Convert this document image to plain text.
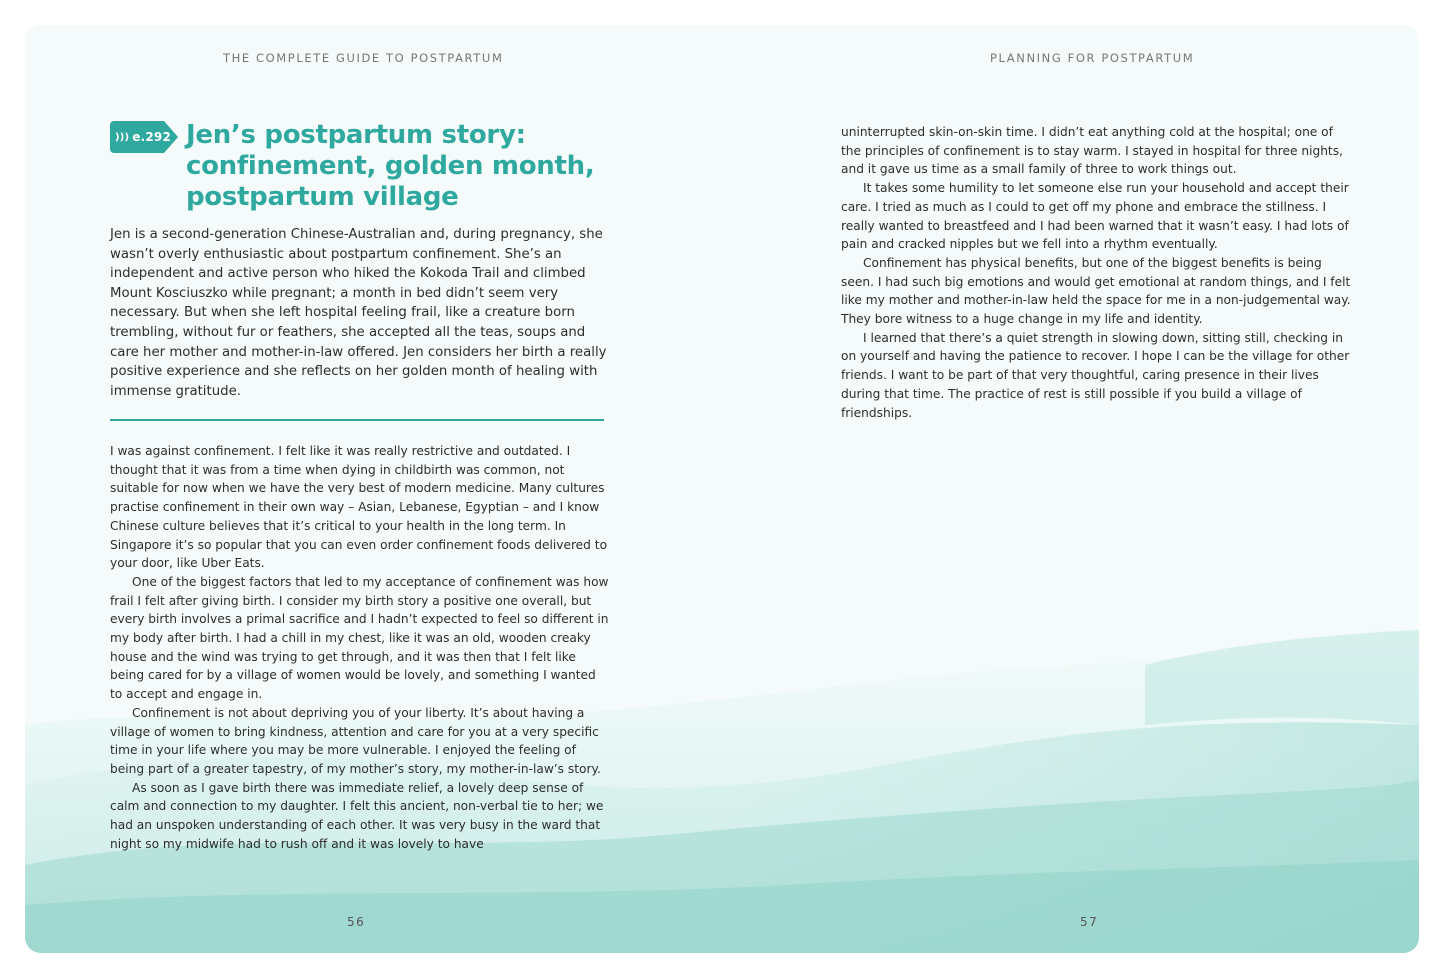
THE COMPLETE GUIDE TO POSTPARTUM	PLANNING FOR POSTPARTUM
))) e.292 Jen’s postpartum story:
confinement, golden month,
postpartum village
Jen is a second-generation Chinese-Australian and, during pregnancy, she wasn’t overly enthusiastic about postpartum confinement. She’s an independent and active person who hiked the Kokoda Trail and climbed Mount Kosciuszko while pregnant; a month in bed didn’t seem very necessary. But when she left hospital feeling frail, like a creature born trembling, without fur or feathers, she accepted all the teas, soups and care her mother and mother-in-law offered. Jen considers her birth a really positive experience and she reflects on her golden month of healing with immense gratitude.

I was against confinement. I felt like it was really restrictive and outdated. I thought that it was from a time when dying in childbirth was common, not suitable for now when we have the very best of modern medicine. Many cultures practise confinement in their own way – Asian, Lebanese, Egyptian – and I know Chinese culture believes that it’s critical to your health in the long term. In Singapore it’s so popular that you can even order confinement foods delivered to your door, like Uber Eats.

One of the biggest factors that led to my acceptance of confinement was how frail I felt after giving birth. I consider my birth story a positive one overall, but every birth involves a primal sacrifice and I hadn’t expected to feel so different in my body after birth. I had a chill in my chest, like it was an old, wooden creaky house and the wind was trying to get through, and it was then that I felt like being cared for by a village of women would be lovely, and something I wanted to accept and engage in.

Confinement is not about depriving you of your liberty. It’s about having a village of women to bring kindness, attention and care for you at a very specific time in your life where you may be more vulnerable. I enjoyed the feeling of being part of a greater tapestry, of my mother’s story, my mother-in-law’s story.

As soon as I gave birth there was immediate relief, a lovely deep sense of calm and connection to my daughter. I felt this ancient, non-verbal tie to her; we had an unspoken understanding of each other. It was very busy in the ward that night so my midwife had to rush off and it was lovely to have

uninterrupted skin-on-skin time. I didn’t eat anything cold at the hospital; one of the principles of confinement is to stay warm. I stayed in hospital for three nights, and it gave us time as a small family of three to work things out.

It takes some humility to let someone else run your household and accept their care. I tried as much as I could to get off my phone and embrace the stillness. I really wanted to breastfeed and I had been warned that it wasn’t easy. I had lots of pain and cracked nipples but we fell into a rhythm eventually.

Confinement has physical benefits, but one of the biggest benefits is being seen. I had such big emotions and would get emotional at random things, and I felt like my mother and mother-in-law held the space for me in a non-judgemental way. They bore witness to a huge change in my life and identity.

I learned that there’s a quiet strength in slowing down, sitting still, checking in on yourself and having the patience to recover. I hope I can be the village for other friends. I want to be part of that very thoughtful, caring presence in their lives during that time. The practice of rest is still possible if you build a village of friendships.

56	57
